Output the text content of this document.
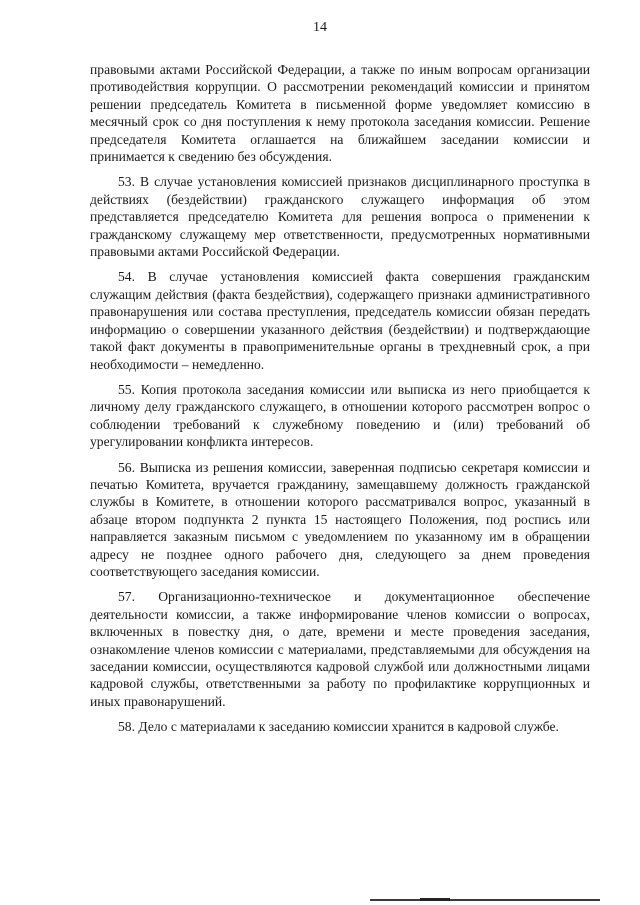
14

правовыми актами Российской Федерации, а также по иным вопросам организации противодействия коррупции. О рассмотрении рекомендаций комиссии и принятом решении председатель Комитета в письменной форме уведомляет комиссию в месячный срок со дня поступления к нему протокола заседания комиссии. Решение председателя Комитета оглашается на ближайшем заседании комиссии и принимается к сведению без обсуждения.

53. В случае установления комиссией признаков дисциплинарного проступка в действиях (бездействии) гражданского служащего информация об этом представляется председателю Комитета для решения вопроса о применении к гражданскому служащему мер ответственности, предусмотренных нормативными правовыми актами Российской Федерации.

54. В случае установления комиссией факта совершения гражданским служащим действия (факта бездействия), содержащего признаки административного правонарушения или состава преступления, председатель комиссии обязан передать информацию о совершении указанного действия (бездействии) и подтверждающие такой факт документы в правоприменительные органы в трехдневный срок, а при необходимости – немедленно.

55. Копия протокола заседания комиссии или выписка из него приобщается к личному делу гражданского служащего, в отношении которого рассмотрен вопрос о соблюдении требований к служебному поведению и (или) требований об урегулировании конфликта интересов.

56. Выписка из решения комиссии, заверенная подписью секретаря комиссии и печатью Комитета, вручается гражданину, замещавшему должность гражданской службы в Комитете, в отношении которого рассматривался вопрос, указанный в абзаце втором подпункта 2 пункта 15 настоящего Положения, под роспись или направляется заказным письмом с уведомлением по указанному им в обращении адресу не позднее одного рабочего дня, следующего за днем проведения соответствующего заседания комиссии.

57. Организационно-техническое и документационное обеспечение деятельности комиссии, а также информирование членов комиссии о вопросах, включенных в повестку дня, о дате, времени и месте проведения заседания, ознакомление членов комиссии с материалами, представляемыми для обсуждения на заседании комиссии, осуществляются кадровой службой или должностными лицами кадровой службы, ответственными за работу по профилактике коррупционных и иных правонарушений.

58. Дело с материалами к заседанию комиссии хранится в кадровой службе.
